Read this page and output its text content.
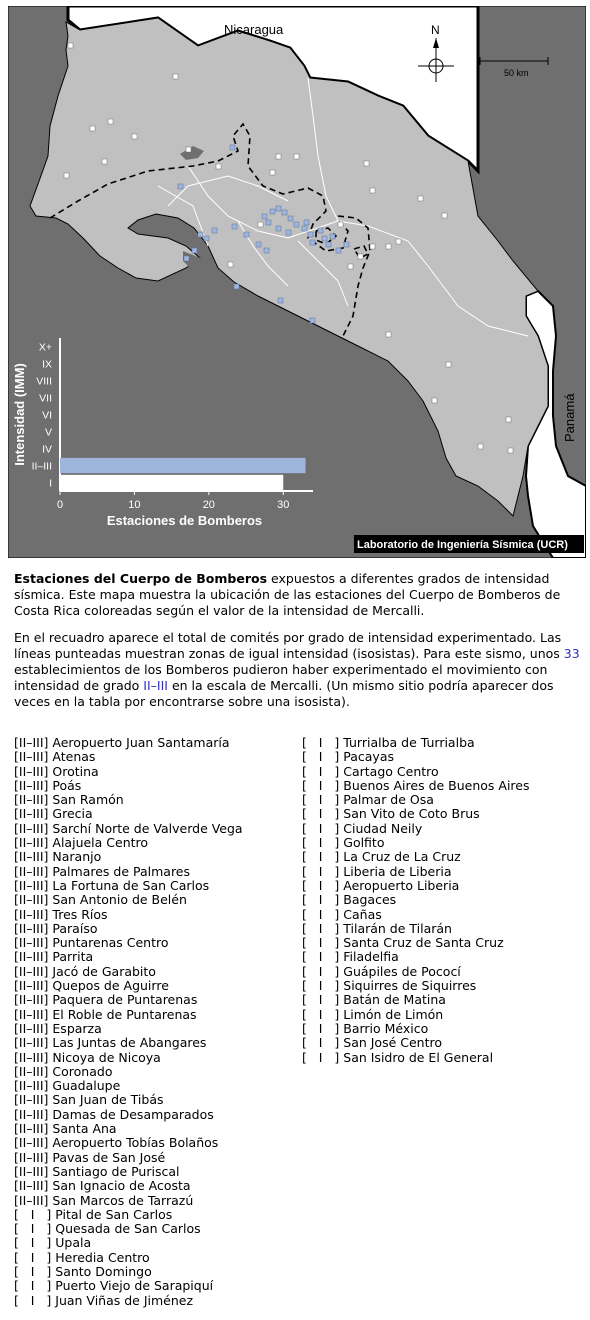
Nicaragua
Panamá
N
50 km
Laboratorio de Ingeniería Sísmica (UCR)
I
II–III
IV
V
VI
VII
VIII
IX
X+
0	10	20	30
Estaciones de Bomberos
Intensidad (IMM)
Estaciones del Cuerpo de Bomberos expuestos a diferentes grados de intensidad sísmica. Este mapa muestra la ubicación de las estaciones del Cuerpo de Bomberos de Costa Rica coloreadas según el valor de la intensidad de Mercalli.
En el recuadro aparece el total de comités por grado de intensidad experimentado. Las líneas punteadas muestran zonas de igual intensidad (isosistas). Para este sismo, unos 33 establecimientos de los Bomberos pudieron haber experimentado el movimiento con intensidad de grado II–III en la escala de Mercalli. (Un mismo sitio podría aparecer dos veces en la tabla por encontrarse sobre una isosista).
[II–III] Aeropuerto Juan Santamaría
[II–III] Atenas
[II–III] Orotina
[II–III] Poás
[II–III] San Ramón
[II–III] Grecia
[II–III] Sarchí Norte de Valverde Vega
[II–III] Alajuela Centro
[II–III] Naranjo
[II–III] Palmares de Palmares
[II–III] La Fortuna de San Carlos
[II–III] San Antonio de Belén
[II–III] Tres Ríos
[II–III] Paraíso
[II–III] Puntarenas Centro
[II–III] Parrita
[II–III] Jacó de Garabito
[II–III] Quepos de Aguirre
[II–III] Paquera de Puntarenas
[II–III] El Roble de Puntarenas
[II–III] Esparza
[II–III] Las Juntas de Abangares
[II–III] Nicoya de Nicoya
[II–III] Coronado
[II–III] Guadalupe
[II–III] San Juan de Tibás
[II–III] Damas de Desamparados
[II–III] Santa Ana
[II–III] Aeropuerto Tobías Bolaños
[II–III] Pavas de San José
[II–III] Santiago de Puriscal
[II–III] San Ignacio de Acosta
[II–III] San Marcos de Tarrazú
[   I   ] Pital de San Carlos
[   I   ] Quesada de San Carlos
[   I   ] Upala
[   I   ] Heredia Centro
[   I   ] Santo Domingo
[   I   ] Puerto Viejo de Sarapiquí
[   I   ] Juan Viñas de Jiménez
[   I   ] Turrialba de Turrialba
[   I   ] Pacayas
[   I   ] Cartago Centro
[   I   ] Buenos Aires de Buenos Aires
[   I   ] Palmar de Osa
[   I   ] San Vito de Coto Brus
[   I   ] Ciudad Neily
[   I   ] Golfito
[   I   ] La Cruz de La Cruz
[   I   ] Liberia de Liberia
[   I   ] Aeropuerto Liberia
[   I   ] Bagaces
[   I   ] Cañas
[   I   ] Tilarán de Tilarán
[   I   ] Santa Cruz de Santa Cruz
[   I   ] Filadelfia
[   I   ] Guápiles de Pococí
[   I   ] Siquirres de Siquirres
[   I   ] Batán de Matina
[   I   ] Limón de Limón
[   I   ] Barrio México
[   I   ] San José Centro
[   I   ] San Isidro de El General
